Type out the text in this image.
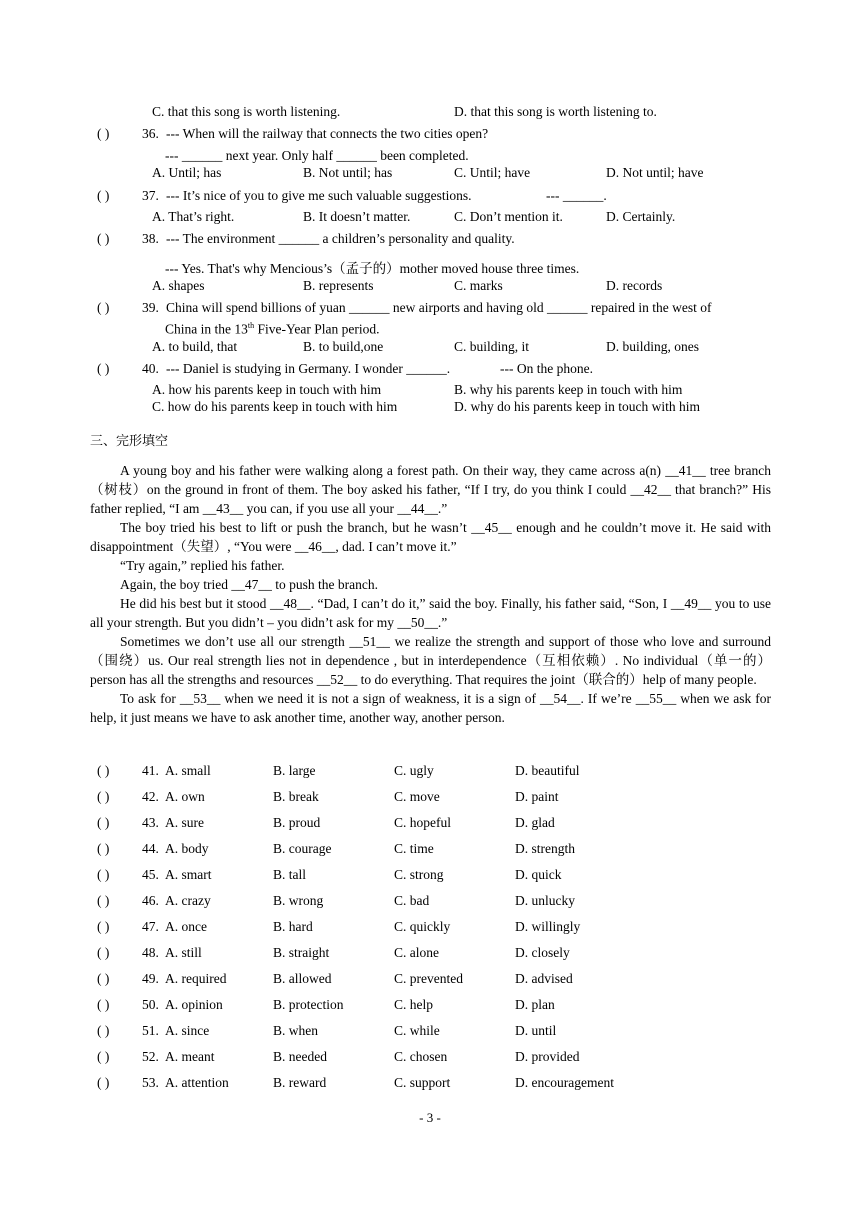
C. that this song is worth listening.	D. that this song is worth listening to.
( ) 36. --- When will the railway that connects the two cities open?
--- ______ next year. Only half ______ been completed.
A. Until; has	B. Not until; has	C. Until; have	D. Not until; have
( ) 37. --- It’s nice of you to give me such valuable suggestions.	--- ______.
A. That’s right.	B. It doesn’t matter.	C. Don’t mention it.	D. Certainly.
( ) 38. --- The environment ______ a children’s personality and quality.
--- Yes. That's why Mencious’s（孟子的）mother moved house three times.
A. shapes	B. represents	C. marks	D. records
( ) 39. China will spend billions of yuan ______ new airports and having old ______ repaired in the west of
China in the 13th Five-Year Plan period.
A. to build, that	B. to build,one	C. building, it	D. building, ones
( ) 40. --- Daniel is studying in Germany. I wonder ______.	--- On the phone.
A. how his parents keep in touch with him	B. why his parents keep in touch with him
C. how do his parents keep in touch with him	D. why do his parents keep in touch with him
三、完形填空

A young boy and his father were walking along a forest path. On their way, they came across a(n) __41__ tree branch（树枝）on the ground in front of them. The boy asked his father, “If I try, do you think I could __42__ that branch?” His father replied, “I am __43__ you can, if you use all your __44__.”

The boy tried his best to lift or push the branch, but he wasn’t __45__ enough and he couldn’t move it. He said with disappointment（失望）, “You were __46__, dad. I can’t move it.”

“Try again,” replied his father.

Again, the boy tried __47__ to push the branch.

He did his best but it stood __48__. “Dad, I can’t do it,” said the boy. Finally, his father said, “Son, I __49__ you to use all your strength. But you didn’t – you didn’t ask for my __50__.”

Sometimes we don’t use all our strength __51__ we realize the strength and support of those who love and surround（围绕）us. Our real strength lies not in dependence , but in interdependence（互相依赖）. No individual（单一的）person has all the strengths and resources __52__ to do everything. That requires the joint（联合的）help of many people.

To ask for __53__ when we need it is not a sign of weakness, it is a sign of __54__. If we’re __55__ when we ask for help, it just means we have to ask another time, another way, another person.

( ) 41. A. small	B. large	C. ugly	D. beautiful
( ) 42. A. own	B. break	C. move	D. paint
( ) 43. A. sure	B. proud	C. hopeful	D. glad
( ) 44. A. body	B. courage	C. time	D. strength
( ) 45. A. smart	B. tall	C. strong	D. quick
( ) 46. A. crazy	B. wrong	C. bad	D. unlucky
( ) 47. A. once	B. hard	C. quickly	D. willingly
( ) 48. A. still	B. straight	C. alone	D. closely
( ) 49. A. required	B. allowed	C. prevented	D. advised
( ) 50. A. opinion	B. protection	C. help	D. plan
( ) 51. A. since	B. when	C. while	D. until
( ) 52. A. meant	B. needed	C. chosen	D. provided
( ) 53. A. attention	B. reward	C. support	D. encouragement
- 3 -
